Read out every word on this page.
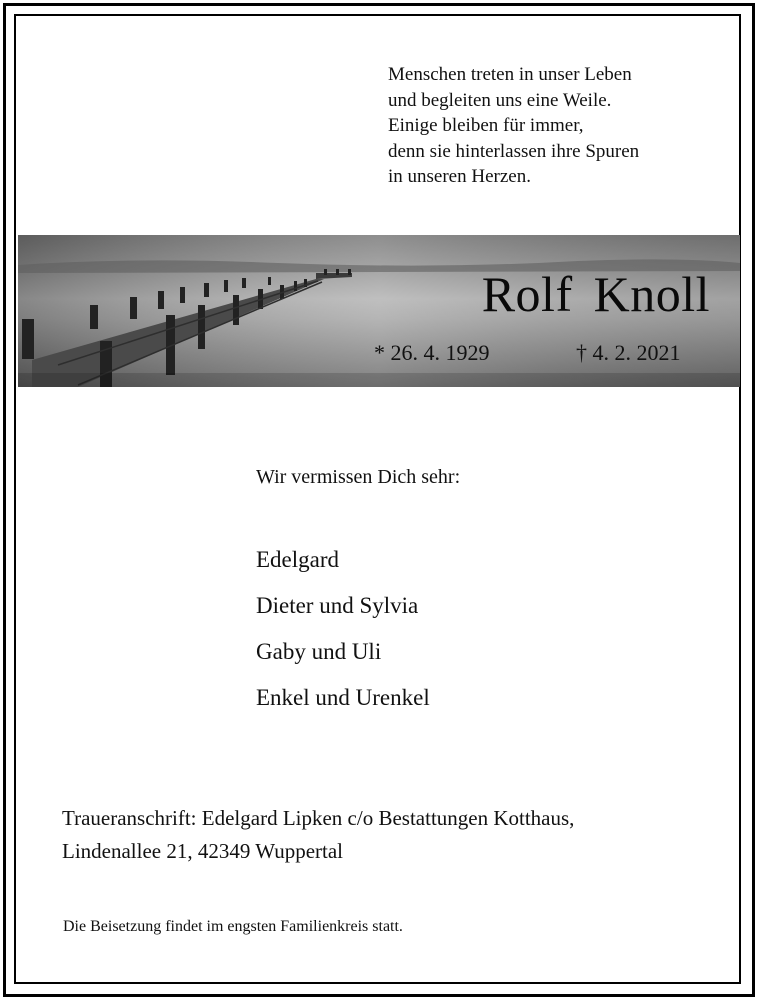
Menschen treten in unser Leben
und begleiten uns eine Weile.
Einige bleiben für immer,
denn sie hinterlassen ihre Spuren
in unseren Herzen.
Rolf Knoll
* 26. 4. 1929	† 4. 2. 2021
Wir vermissen Dich sehr:
Edelgard
Dieter und Sylvia
Gaby und Uli
Enkel und Urenkel
Traueranschrift: Edelgard Lipken c/o Bestattungen Kotthaus,
Lindenallee 21, 42349 Wuppertal
Die Beisetzung findet im engsten Familienkreis statt.
